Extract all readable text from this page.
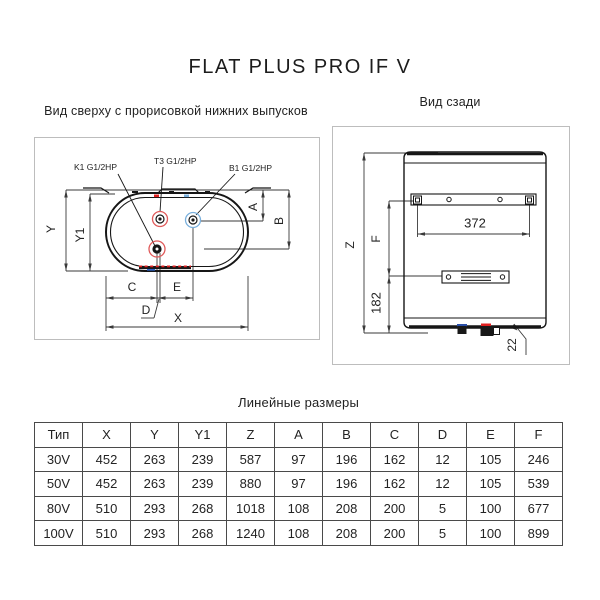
FLAT PLUS PRO IF V
Вид сверху с прорисовкой нижних выпусков
Вид сзади
K1 G1/2HP
T3 G1/2HP
B1 G1/2HP
Y Y1
A
B
C	E
D
X
Z
F
182
372
22
Линейные размеры
Тип	X	Y	Y1	Z	A	B	C	D	E	F
30V	452	263	239	587	97	196	162	12	105	246
50V	452	263	239	880	97	196	162	12	105	539
80V	510	293	268	1018	108	208	200	5	100	677
100V	510	293	268	1240	108	208	200	5	100	899
